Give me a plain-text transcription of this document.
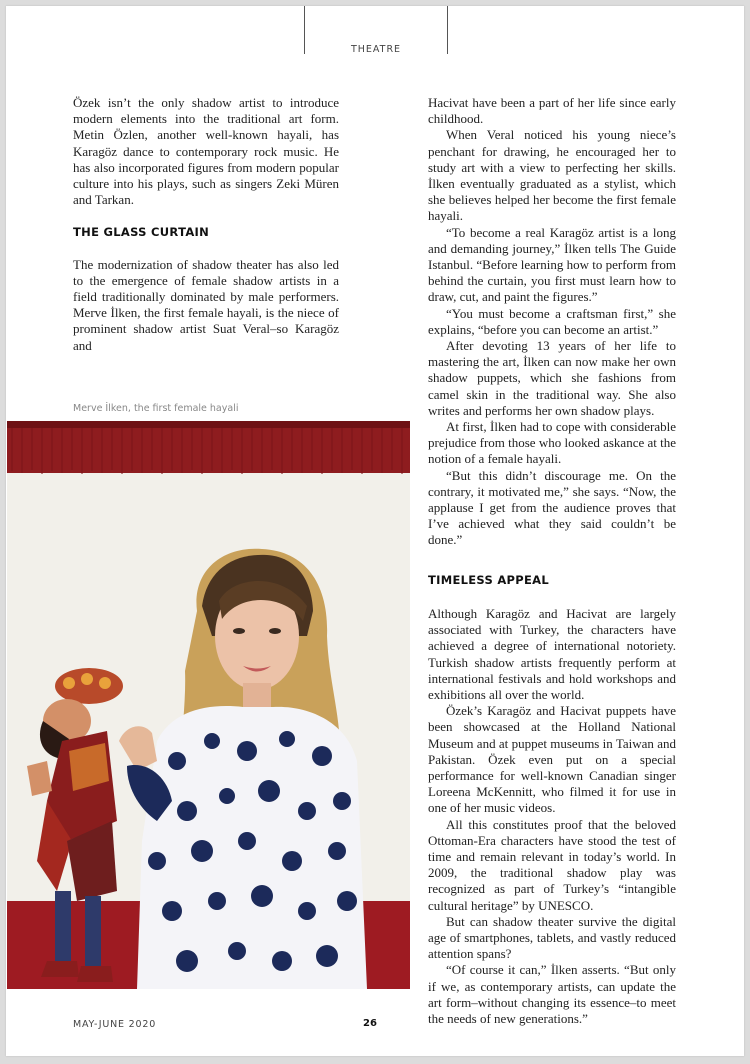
THEATRE

Özek isn’t the only shadow artist to introduce modern elements into the traditional art form. Metin Özlen, another well-known hayali, has Karagöz dance to contemporary rock music. He has also incorporated figures from modern popular culture into his plays, such as singers Zeki Müren and Tarkan.

THE GLASS CURTAIN

The modernization of shadow theater has also led to the emergence of female shadow artists in a field traditionally dominated by male performers. Merve İlken, the first female hayali, is the niece of prominent shadow artist Suat Veral–so Karagöz and

Merve İlken, the first female hayali

Hacivat have been a part of her life since early childhood.

When Veral noticed his young niece’s penchant for drawing, he encouraged her to study art with a view to perfecting her skills. İlken eventually graduated as a stylist, which she believes helped her become the first female hayali.

“To become a real Karagöz artist is a long and demanding journey,” İlken tells The Guide Istanbul. “Before learning how to perform from behind the curtain, you first must learn how to draw, cut, and paint the figures.”

“You must become a craftsman first,” she explains, “before you can become an artist.”

After devoting 13 years of her life to mastering the art, İlken can now make her own shadow puppets, which she fashions from camel skin in the traditional way. She also writes and performs her own shadow plays.

At first, İlken had to cope with considerable prejudice from those who looked askance at the notion of a female hayali.

“But this didn’t discourage me. On the contrary, it motivated me,” she says. “Now, the applause I get from the audience proves that I’ve achieved what they said couldn’t be done.”

TIMELESS APPEAL

Although Karagöz and Hacivat are largely associated with Turkey, the characters have achieved a degree of international notoriety. Turkish shadow artists frequently perform at international festivals and hold workshops and exhibitions all over the world.

Özek’s Karagöz and Hacivat puppets have been showcased at the Holland National Museum and at puppet museums in Taiwan and Pakistan. Özek even put on a special performance for well-known Canadian singer Loreena McKennitt, who filmed it for use in one of her music videos.

All this constitutes proof that the beloved Ottoman-Era characters have stood the test of time and remain relevant in today’s world. In 2009, the traditional shadow play was recognized as part of Turkey’s “intangible cultural heritage” by UNESCO.

But can shadow theater survive the digital age of smartphones, tablets, and vastly reduced attention spans?

“Of course it can,” İlken asserts. “But only if we, as contemporary artists, can update the art form–without changing its essence–to meet the needs of new generations.”

MAY-JUNE 2020	26
